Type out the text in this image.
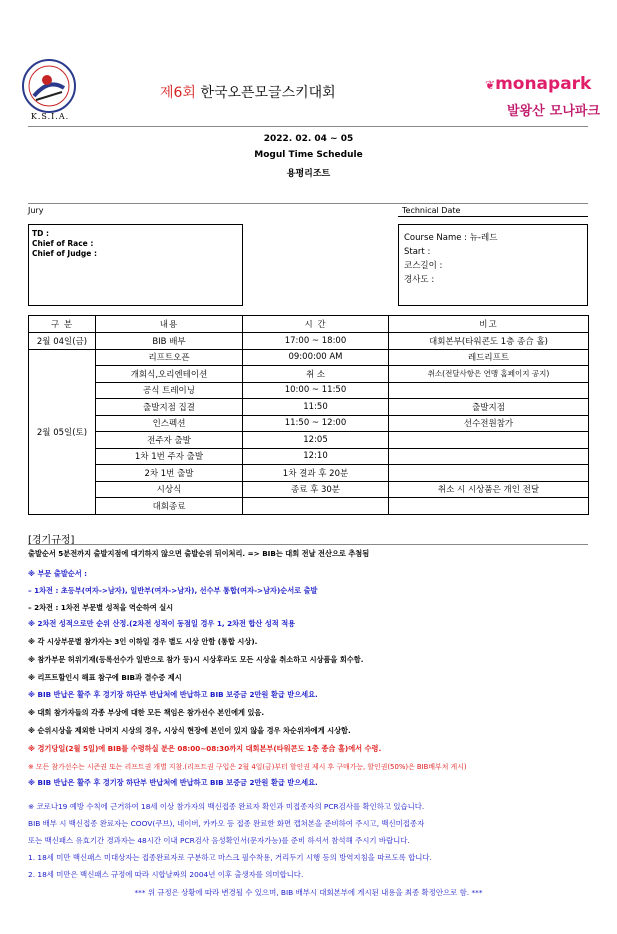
K.S.I.A.
제6회 한국오픈모글스키대회	❦monapark
발왕산 모나파크
2022. 02. 04 ~ 05
Mogul Time Schedule
용평리조트
Jury
TD :
Chief of Race :
Chief of Judge :
Technical Date
Course Name : 뉴-레드
Start :
코스길이 :
경사도 :
구 분	내용	시 간	비고
2월 04일(금)	BIB 배부	17:00 ~ 18:00	대회본부(타워콘도 1층 종合 홀)
2월 05일(토)	리프트오픈	09:00:00 AM	레드리프트
	개회식,오리엔테이션	취 소	취소(전달사항은 연맹 홈페이지 공지)
	공식 트레이닝	10:00 ~ 11:50	
	출발지점 집결	11:50	출발지점
	인스펙션	11:50 ~ 12:00	선수전원참가
	전주자 출발	12:05	
	1차 1번 주자 출발	12:10	
	2차 1번 출발	1차 결과 후 20분	
	시상식	종료 후 30분	취소 시 시상품은 개인 전달
	대회종료		
[경기규정]
출발순서 5분전까지 출발지점에 대기하지 않으면 출발순위 뒤이처리. => BIB는 대회 전날 전산으로 추첨됨
※ 부문 출발순서 :
– 1차전 : 초등부(여자->남자), 일반부(여자->남자), 선수부 통합(여자->남자)순서로 출발
– 2차전 : 1차전 부문별 성적을 역순하여 실시
※ 2차전 성적으로만 순위 산정.(2차전 성적이 동점일 경우 1, 2차전 합산 성적 적용
※ 각 시상부문별 참가자는 3인 이하일 경우 별도 시상 안함 (통합 시상).
※ 참가부문 허위기재(등록선수가 일반으로 참가 등)시 시상후라도 모든 시상을 취소하고 시상품을 회수함.
※ 리프트할인시 해표 참구에 BIB과 결수증 제시
※ BIB 반납은 활주 후 경기장 하단부 반납처에 반납하고 BIB 보증금 2만원 환급 받으세요.
※ 대회 참가자들의 각종 부상에 대한 모든 책임은 참가선수 본인에게 있음.
※ 순위시상을 제외한 나머지 시상의 경우, 시상식 현장에 본인이 있지 않을 경우 차순위자에게 시상함.
※ 경기당일(2월 5일)에 BIB를 수령하실 분은 08:00~08:30까지 대회본부(타워콘도 1층 종合 홀)에서 수령.
※ 모든 참가선수는 시즌권 또는 리프트권 개별 지참.(리프트권 구입은 2월 4일(금)부터 할인권 제시 후 구매가능, 할인권(50%)은 BIB배부처 게시)
※ BIB 반납은 활주 후 경기장 하단부 반납처에 반납하고 BIB 보증금 2만원 환급 받으세요.
※ 코로나19 예방 수칙에 근거하여 18세 이상 참가자의 백신접종 완료자 확인과 미접종자의 PCR검사를 확인하고 있습니다.
BIB 배부 시 백신접종 완료자는 COOV(쿠브), 네이버, 카카오 등 접종 완료한 화면 캡쳐본을 준비하여 주시고, 백신미접종자
또는 백신패스 유효기간 경과자는 48시간 이내 PCR검사 음성확인서(문자가능)를 준비 하셔서 참석해 주시기 바랍니다.
1. 18세 미만 백신패스 미대상자는 접종완료자로 구분하고 마스크 필수착용, 거리두기 시행 등의 방역지침을 따르도록 합니다.
2. 18세 미만은 백신패스 규정에 따라 시합날짜의 2004년 이후 출생자를 의미합니다.
*** 위 규정은 상황에 따라 변경될 수 있으며, BIB 배부시 대회본부에 게시된 내용을 최종 확정안으로 함. ***
